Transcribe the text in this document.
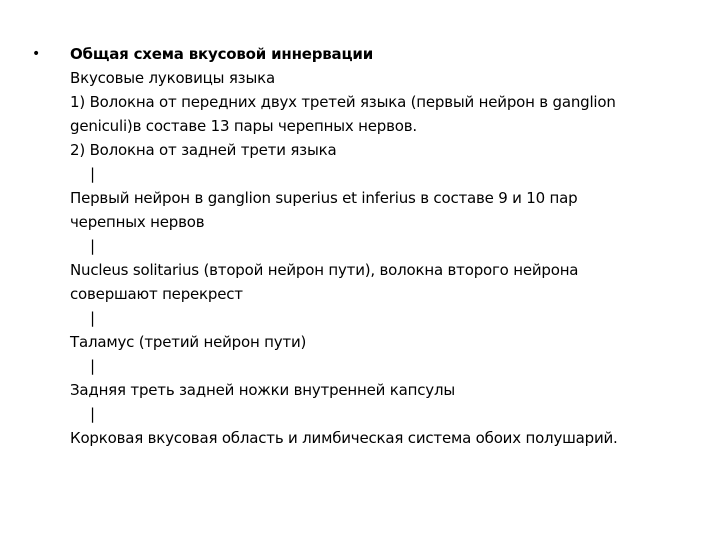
• Общая схема вкусовой иннервации
Вкусовые луковицы языка
1) Волокна от передних двух третей языка (первый нейрон в ganglion
geniculi)в составе 13 пары черепных нервов.
2) Волокна от задней трети языка
|
Первый нейрон в ganglion superius et inferius в составе 9 и 10 пар
черепных нервов
|
Nucleus solitarius (второй нейрон пути), волокна второго нейрона
совершают перекрест
|
Таламус (третий нейрон пути)
|
Задняя треть задней ножки внутренней капсулы
|
Корковая вкусовая область и лимбическая система обоих полушарий.
